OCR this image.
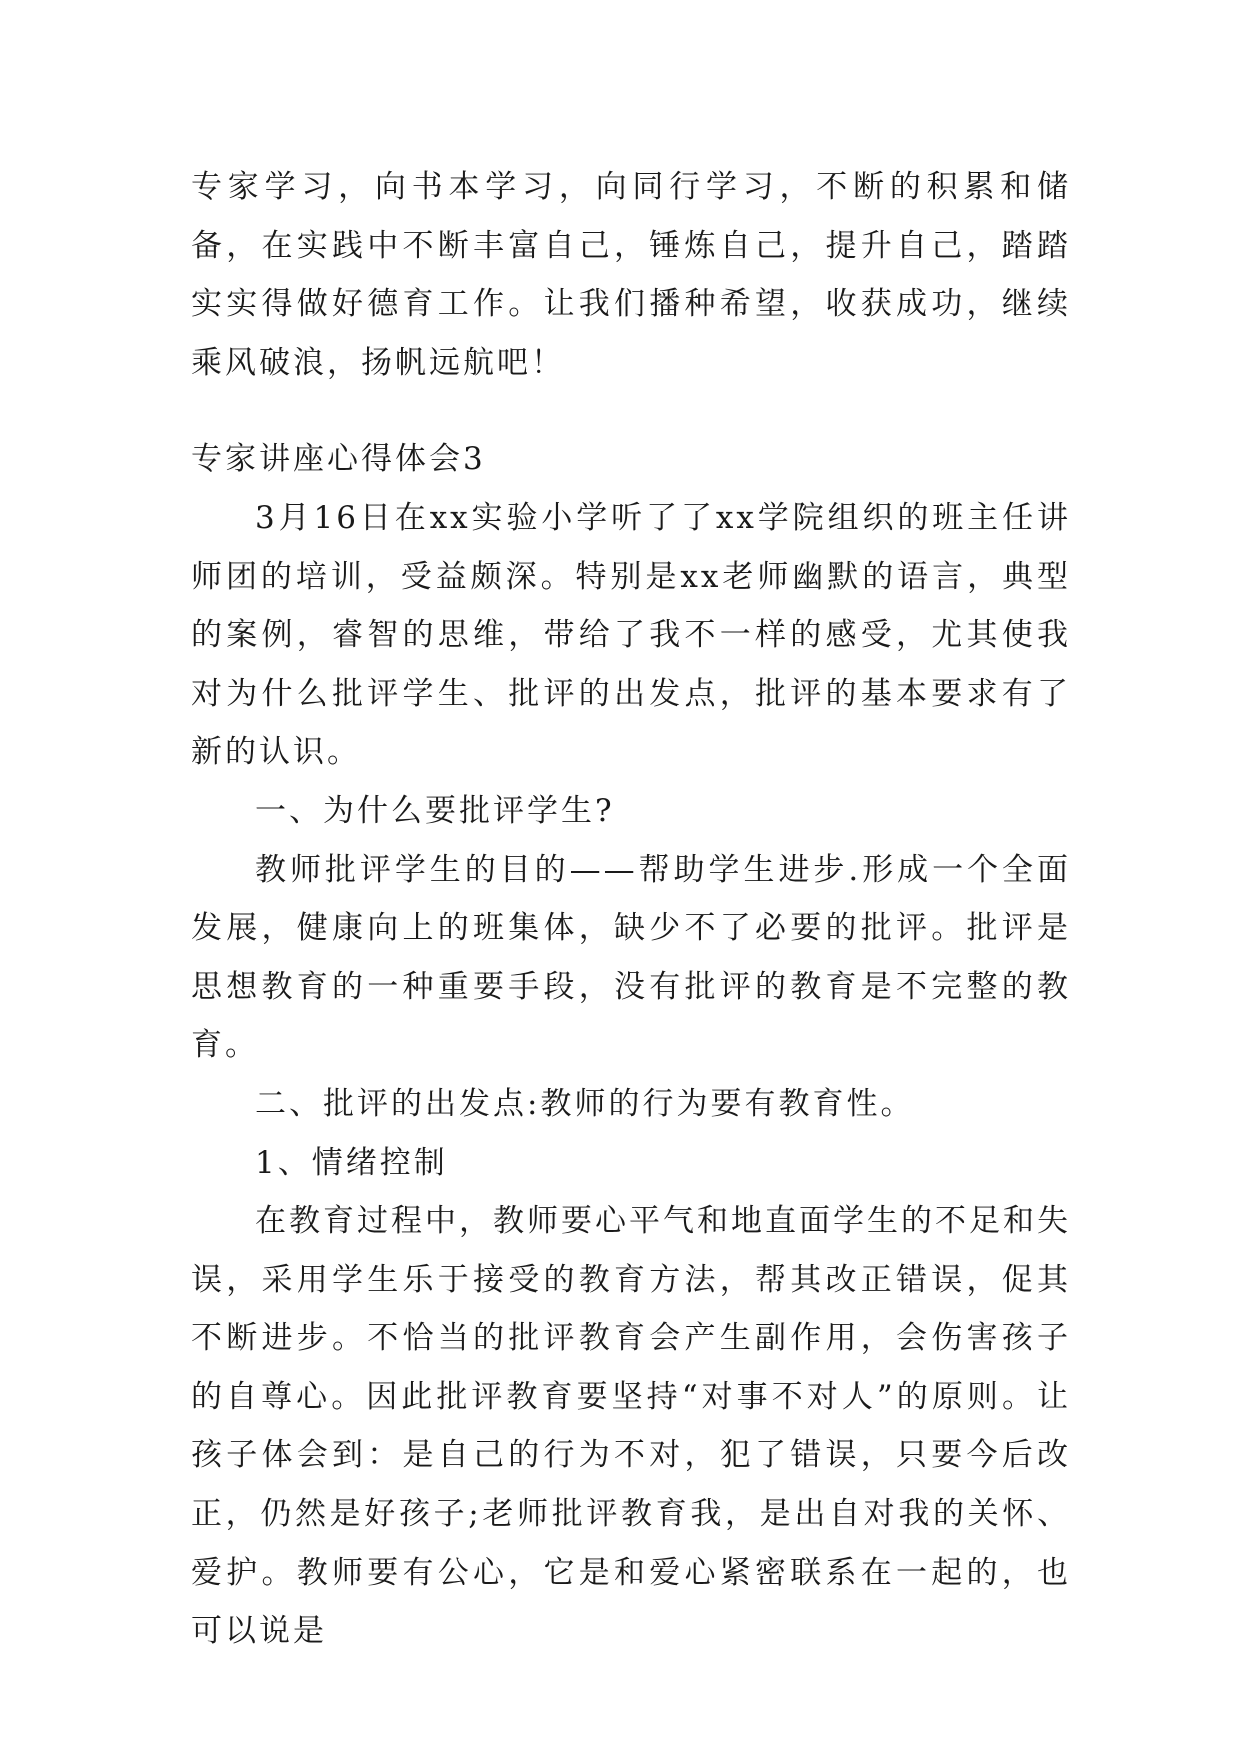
专家学习，向书本学习，向同行学习，不断的积累和储备，在实践中不断丰富自己，锤炼自己，提升自己，踏踏实实得做好德育工作。让我们播种希望，收获成功，继续乘风破浪，扬帆远航吧！

专家讲座心得体会3

3月16日在xx实验小学听了了xx学院组织的班主任讲师团的培训，受益颇深。特别是xx老师幽默的语言，典型的案例，睿智的思维，带给了我不一样的感受，尤其使我对为什么批评学生、批评的出发点，批评的基本要求有了新的认识。

一、为什么要批评学生?

教师批评学生的目的——帮助学生进步.形成一个全面发展，健康向上的班集体，缺少不了必要的批评。批评是思想教育的一种重要手段，没有批评的教育是不完整的教育。

二、批评的出发点:教师的行为要有教育性。

1、情绪控制

在教育过程中，教师要心平气和地直面学生的不足和失误，采用学生乐于接受的教育方法，帮其改正错误，促其不断进步。不恰当的批评教育会产生副作用，会伤害孩子的自尊心。因此批评教育要坚持“对事不对人”的原则。让孩子体会到：是自己的行为不对，犯了错误，只要今后改正，仍然是好孩子;老师批评教育我，是出自对我的关怀、爱护。教师要有公心，它是和爱心紧密联系在一起的，也可以说是
